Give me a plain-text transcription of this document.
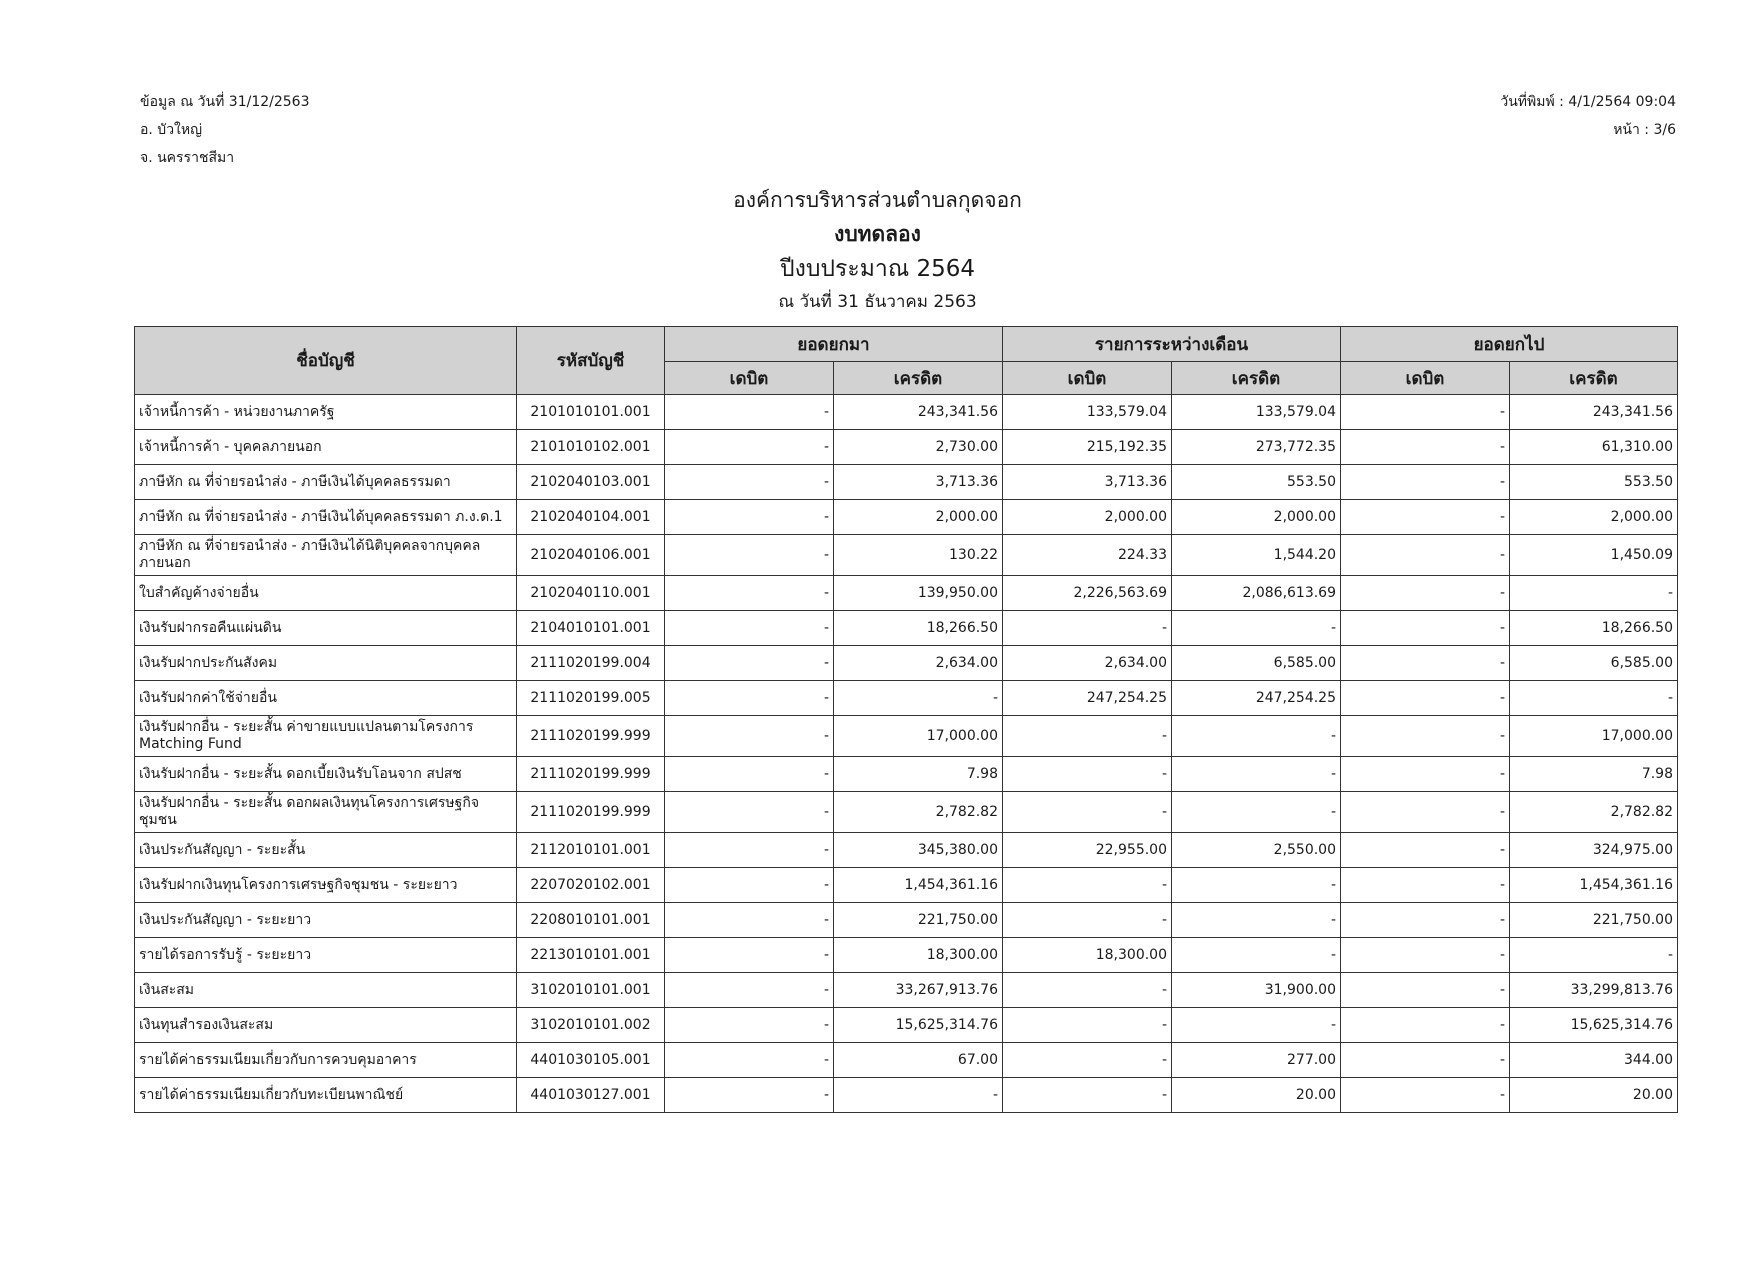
ข้อมูล ณ วันที่ 31/12/2563
อ. บัวใหญ่
จ. นครราชสีมา
วันที่พิมพ์ : 4/1/2564 09:04
หน้า : 3/6
องค์การบริหารส่วนตำบลกุดจอก
งบทดลอง
ปีงบประมาณ 2564
ณ วันที่ 31 ธันวาคม 2563
ชื่อบัญชี	รหัสบัญชี	ยอดยกมา		รายการระหว่างเดือน		ยอดยกไป	
		เดบิต	เครดิต	เดบิต	เครดิต	เดบิต	เครดิต
เจ้าหนี้การค้า - หน่วยงานภาครัฐ	2101010101.001	-	243,341.56	133,579.04	133,579.04	-	243,341.56
เจ้าหนี้การค้า - บุคคลภายนอก	2101010102.001	-	2,730.00	215,192.35	273,772.35	-	61,310.00
ภาษีหัก ณ ที่จ่ายรอนำส่ง - ภาษีเงินได้บุคคลธรรมดา	2102040103.001	-	3,713.36	3,713.36	553.50	-	553.50
ภาษีหัก ณ ที่จ่ายรอนำส่ง - ภาษีเงินได้บุคคลธรรมดา ภ.ง.ด.1	2102040104.001	-	2,000.00	2,000.00	2,000.00	-	2,000.00
ภาษีหัก ณ ที่จ่ายรอนำส่ง - ภาษีเงินได้นิติบุคคลจากบุคคลภายนอก	2102040106.001	-	130.22	224.33	1,544.20	-	1,450.09
ใบสำคัญค้างจ่ายอื่น	2102040110.001	-	139,950.00	2,226,563.69	2,086,613.69	-	-
เงินรับฝากรอคืนแผ่นดิน	2104010101.001	-	18,266.50	-	-	-	18,266.50
เงินรับฝากประกันสังคม	2111020199.004	-	2,634.00	2,634.00	6,585.00	-	6,585.00
เงินรับฝากค่าใช้จ่ายอื่น	2111020199.005	-	-	247,254.25	247,254.25	-	-
เงินรับฝากอื่น - ระยะสั้น ค่าขายแบบแปลนตามโครงการ Matching Fund	2111020199.999	-	17,000.00	-	-	-	17,000.00
เงินรับฝากอื่น - ระยะสั้น ดอกเบี้ยเงินรับโอนจาก สปสช	2111020199.999	-	7.98	-	-	-	7.98
เงินรับฝากอื่น - ระยะสั้น ดอกผลเงินทุนโครงการเศรษฐกิจชุมชน	2111020199.999	-	2,782.82	-	-	-	2,782.82
เงินประกันสัญญา - ระยะสั้น	2112010101.001	-	345,380.00	22,955.00	2,550.00	-	324,975.00
เงินรับฝากเงินทุนโครงการเศรษฐกิจชุมชน - ระยะยาว	2207020102.001	-	1,454,361.16	-	-	-	1,454,361.16
เงินประกันสัญญา - ระยะยาว	2208010101.001	-	221,750.00	-	-	-	221,750.00
รายได้รอการรับรู้ - ระยะยาว	2213010101.001	-	18,300.00	18,300.00	-	-	-
เงินสะสม	3102010101.001	-	33,267,913.76	-	31,900.00	-	33,299,813.76
เงินทุนสำรองเงินสะสม	3102010101.002	-	15,625,314.76	-	-	-	15,625,314.76
รายได้ค่าธรรมเนียมเกี่ยวกับการควบคุมอาคาร	4401030105.001	-	67.00	-	277.00	-	344.00
รายได้ค่าธรรมเนียมเกี่ยวกับทะเบียนพาณิชย์	4401030127.001	-	-	-	20.00	-	20.00
